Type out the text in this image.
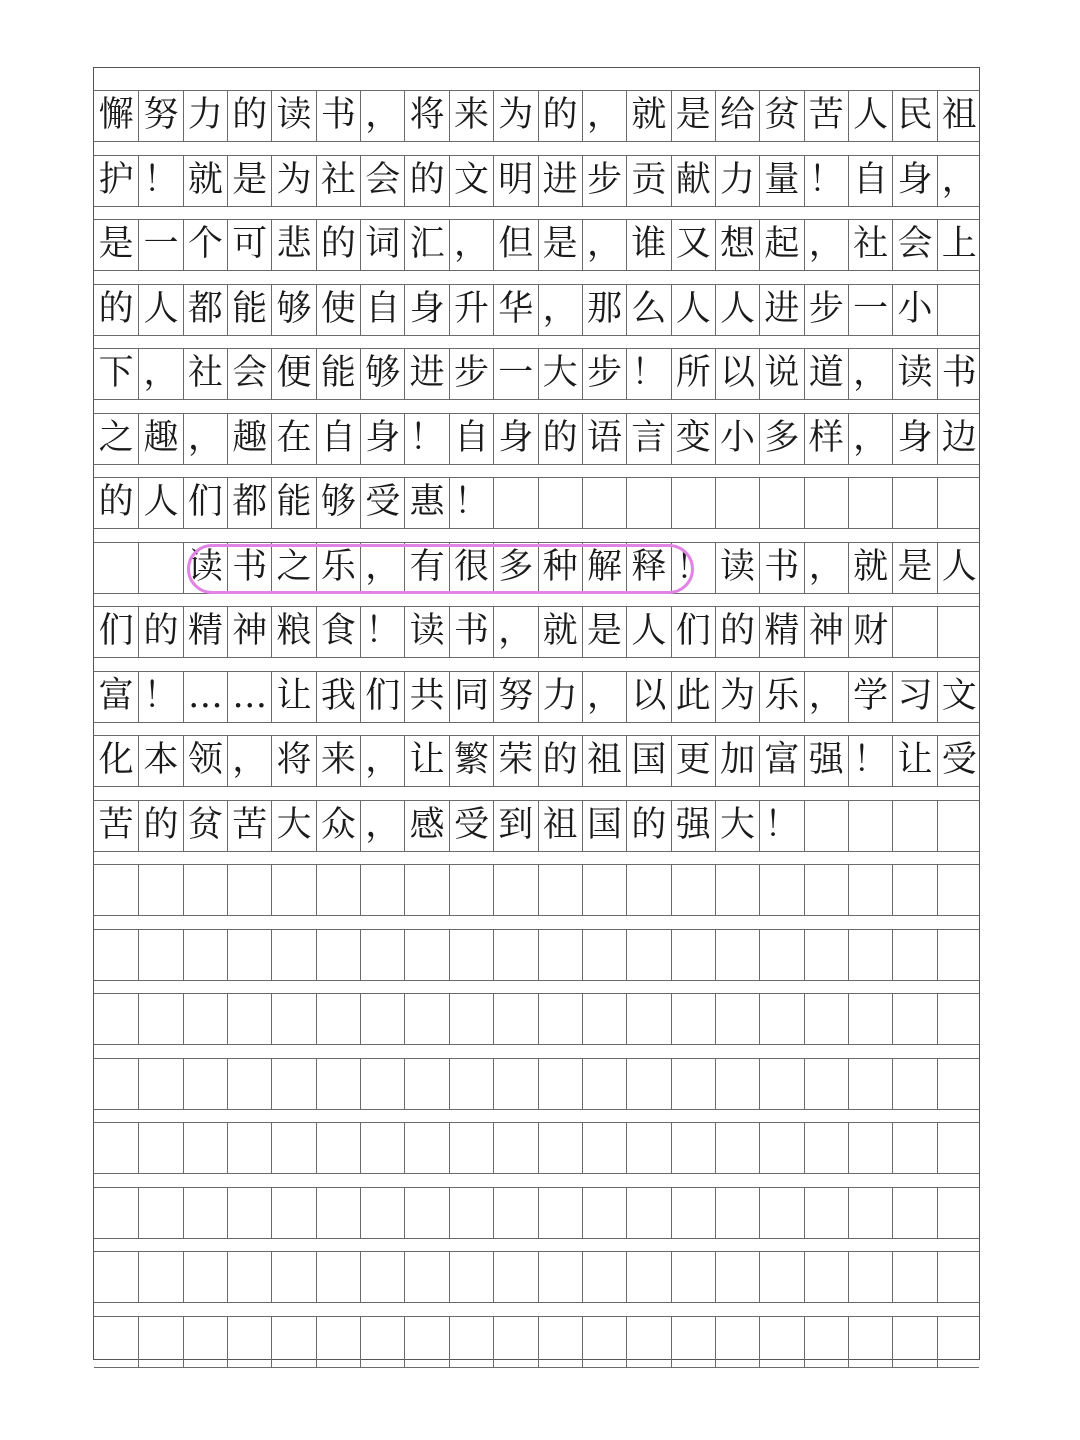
懈 努 力 的 读 书 ， 将 来 为 的 ， 就 是 给 贫 苦 人 民 祖
护 ！ 就 是 为 社 会 的 文 明 进 步 贡 献 力 量 ！ 自 身 ，
是 一 个 可 悲 的 词 汇 ， 但 是 ， 谁 又 想 起 ， 社 会 上
的 人 都 能 够 使 自 身 升 华 ， 那 么 人 人 进 步 一 小
下 ， 社 会 便 能 够 进 步 一 大 步 ！ 所 以 说 道 ， 读 书
之 趣 ， 趣 在 自 身 ！ 自 身 的 语 言 变 小 多 样 ， 身 边
的 人 们 都 能 够 受 惠 ！
读 书 之 乐 ， 有 很 多 种 解 释 ！ 读 书 ， 就 是 人
们 的 精 神 粮 食 ！ 读 书 ， 就 是 人 们 的 精 神 财
富 ！ … … 让 我 们 共 同 努 力 ， 以 此 为 乐 ， 学 习 文
化 本 领 ， 将 来 ， 让 繁 荣 的 祖 国 更 加 富 强 ！ 让 受
苦 的 贫 苦 大 众 ， 感 受 到 祖 国 的 强 大 ！
